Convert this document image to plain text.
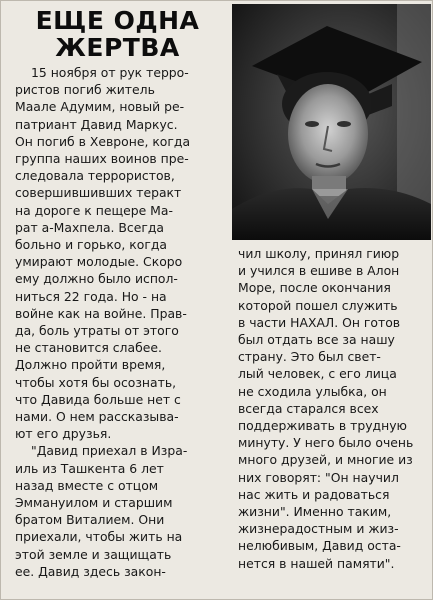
ЕЩЕ ОДНА
ЖЕРТВА
15 ноября от рук терро-
ристов погиб житель
Маале Адумим, новый ре-
патриант Давид Маркус.
Он погиб в Хевроне, когда
группа наших воинов пре-
следовала террористов,
совершившивших теракт
на дороге к пещере Ма-
рат а-Махпела. Всегда
больно и горько, когда
умирают молодые. Скоро
ему должно было испол-
ниться 22 года. Но - на
войне как на войне. Прав-
да, боль утраты от этого
не становится слабее.
Должно пройти время,
чтобы хотя бы осознать,
что Давида больше нет с
нами. О нем рассказыва-
ют его друзья.
"Давид приехал в Изра-
иль из Ташкента 6 лет
назад вместе с отцом
Эммануилом и старшим
братом Виталием. Они
приехали, чтобы жить на
этой земле и защищать
ее. Давид здесь закон-
чил школу, принял гиюр
и учился в ешиве в Алон
Море, после окончания
которой пошел служить
в части НАХАЛ. Он готов
был отдать все за нашу
страну. Это был свет-
лый человек, с его лица
не сходила улыбка, он
всегда старался всех
поддерживать в трудную
минуту. У него было очень
много друзей, и многие из
них говорят: "Он научил
нас жить и радоваться
жизни". Именно таким,
жизнерадостным и жиз-
нелюбивым, Давид оста-
нется в нашей памяти".
